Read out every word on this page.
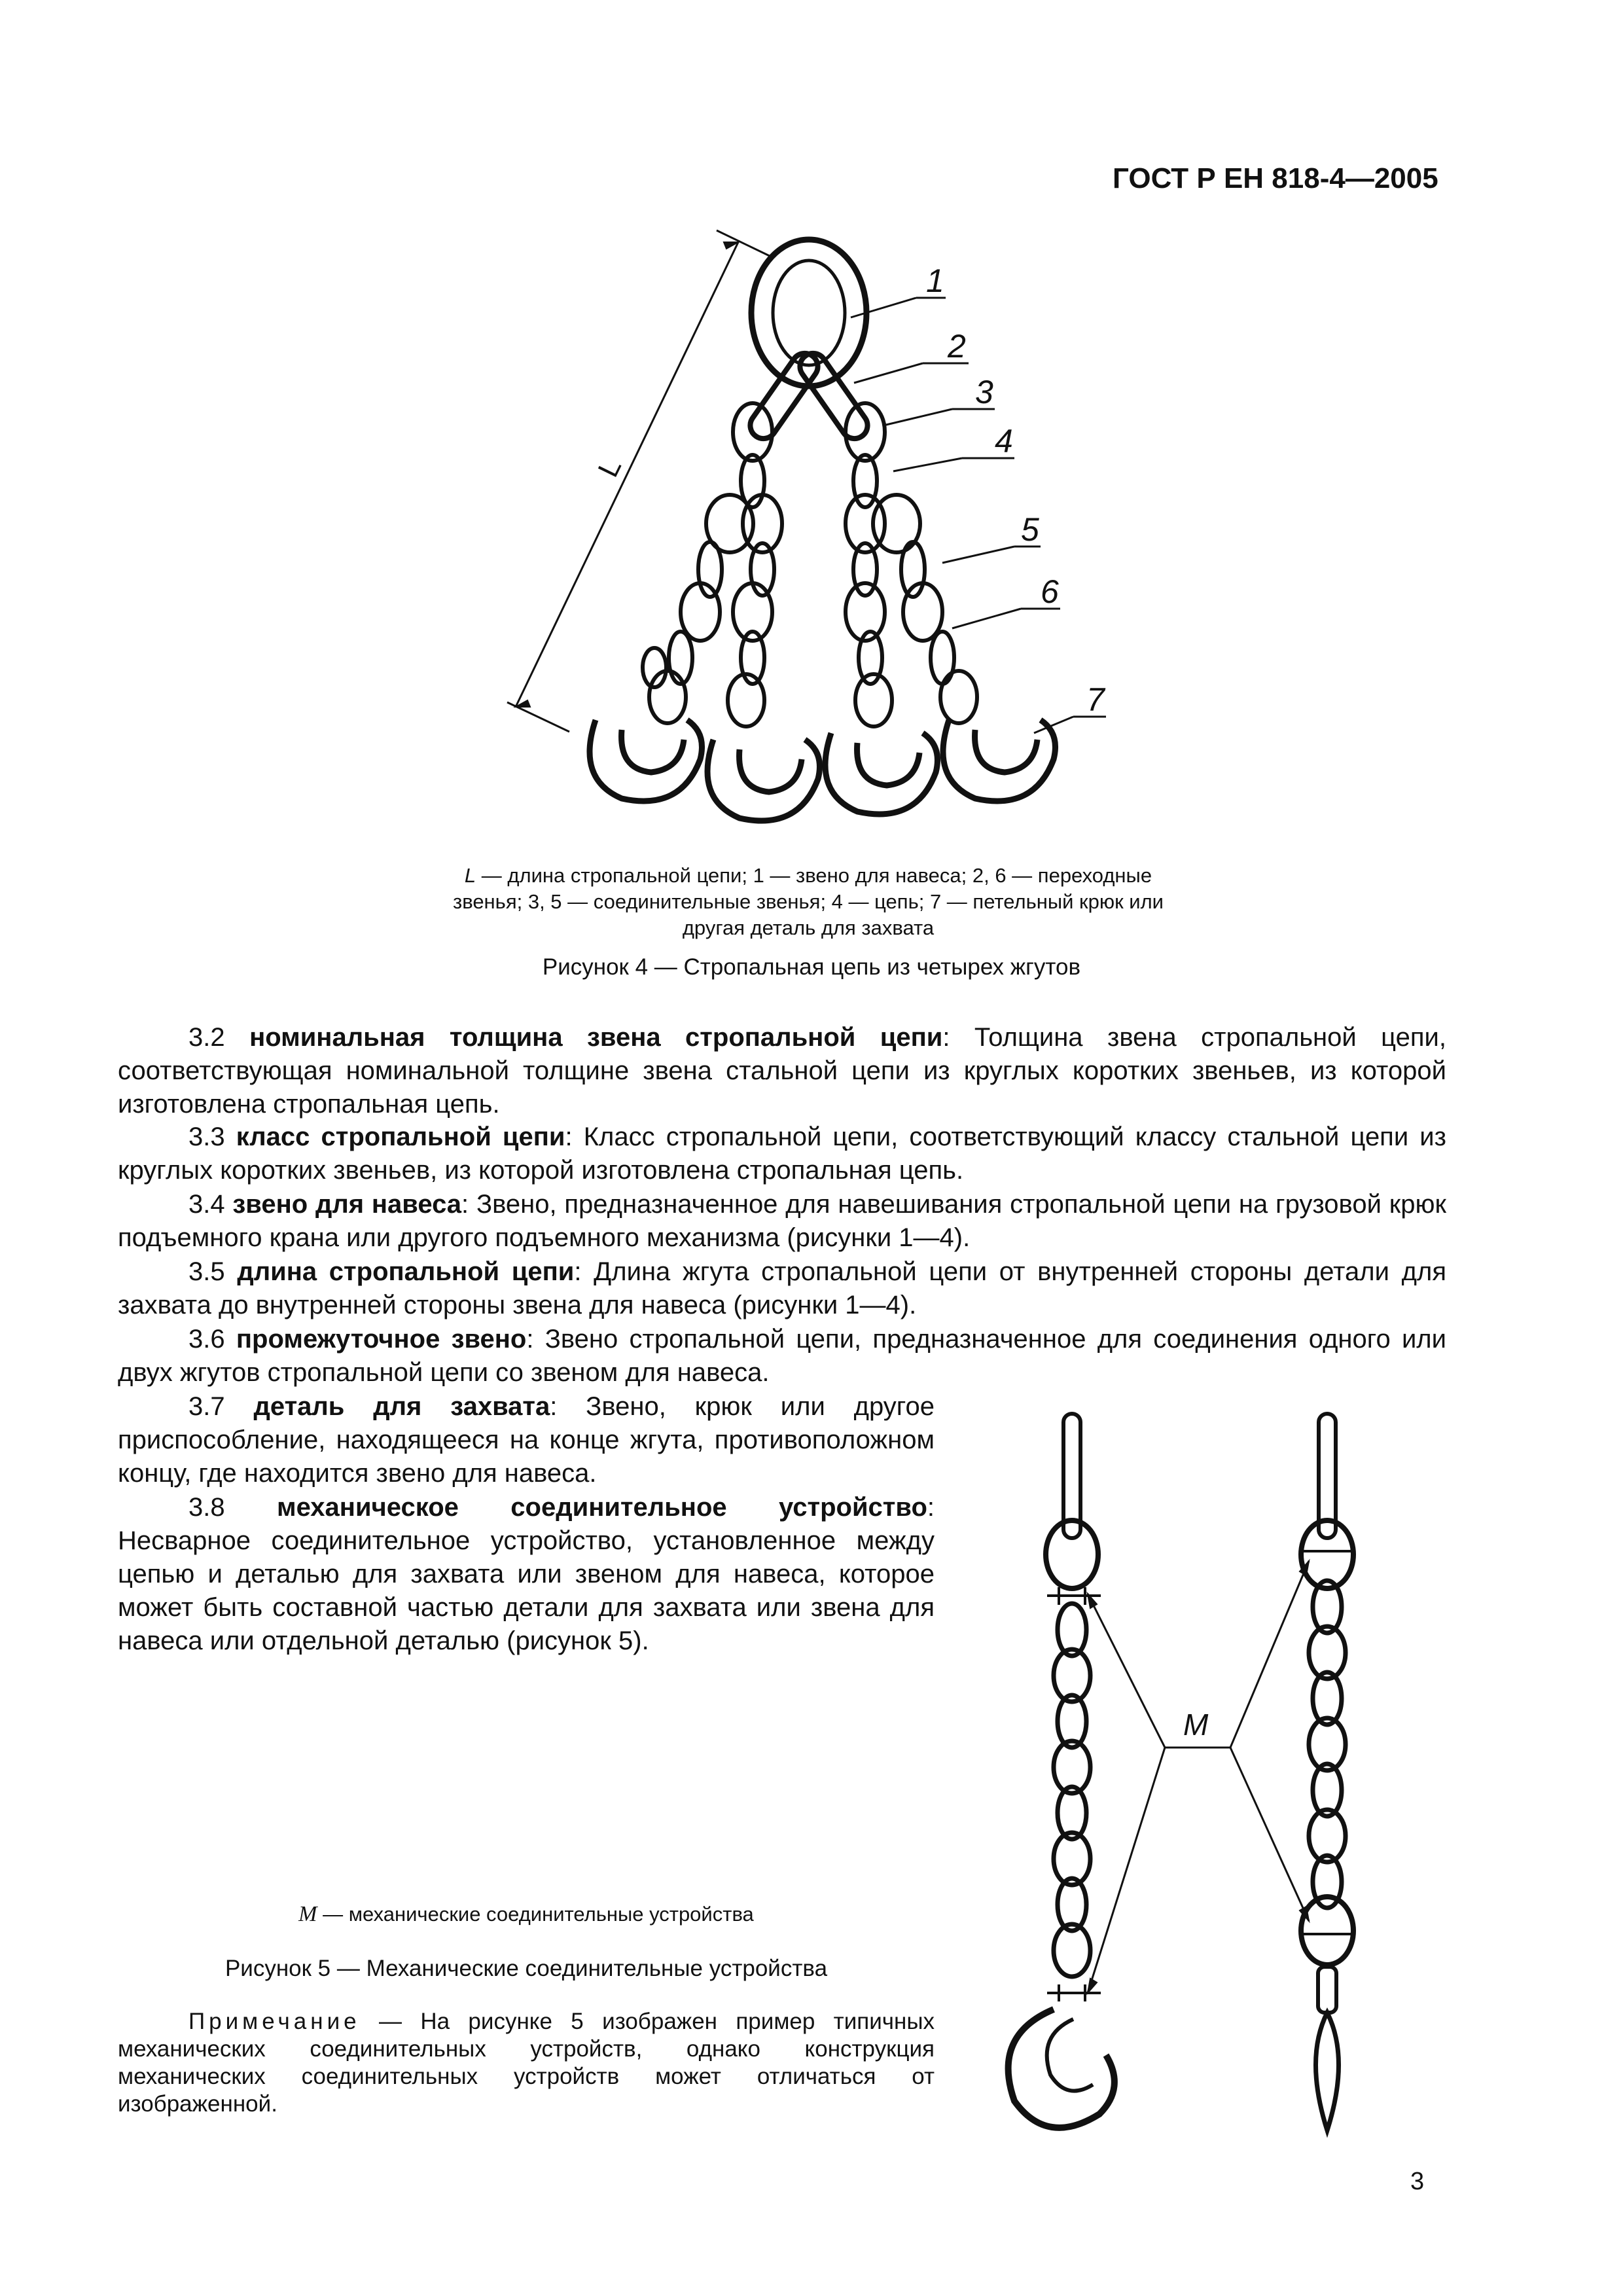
ГОСТ Р ЕН 818-4—2005
1
2
3
4
5
6
7
L
L — длина стропальной цепи; 1 — звено для навеса; 2, 6 — переходные звенья; 3, 5 — соединительные звенья; 4 — цепь; 7 — петельный крюк или другая деталь для захвата
Рисунок 4 — Стропальная цепь из четырех жгутов
3.2 номинальная толщина звена стропальной цепи: Толщина звена стропальной цепи, соответствующая номинальной толщине звена стальной цепи из круглых коротких звеньев, из которой изготовлена стропальная цепь.
3.3 класс стропальной цепи: Класс стропальной цепи, соответствующий классу стальной цепи из круглых коротких звеньев, из которой изготовлена стропальная цепь.
3.4 звено для навеса: Звено, предназначенное для навешивания стропальной цепи на грузовой крюк подъемного крана или другого подъемного механизма (рисунки 1—4).
3.5 длина стропальной цепи: Длина жгута стропальной цепи от внутренней стороны детали для захвата до внутренней стороны звена для навеса (рисунки 1—4).
3.6 промежуточное звено: Звено стропальной цепи, предназначенное для соединения одного или двух жгутов стропальной цепи со звеном для навеса.
3.7 деталь для захвата: Звено, крюк или другое приспособление, находящееся на конце жгута, противоположном концу, где находится звено для навеса.
3.8 механическое соединительное устройство: Несварное соединительное устройство, установленное между цепью и деталью для захвата или звеном для навеса, которое может быть составной частью детали для захвата или звена для навеса или отдельной деталью (рисунок 5).
M
M — механические соединительные устройства
Рисунок 5 — Механические соединительные устройства
Примечание — На рисунке 5 изображен пример типичных механических соединительных устройств, однако конструкция механических соединительных устройств может отличаться от изображенной.
3
